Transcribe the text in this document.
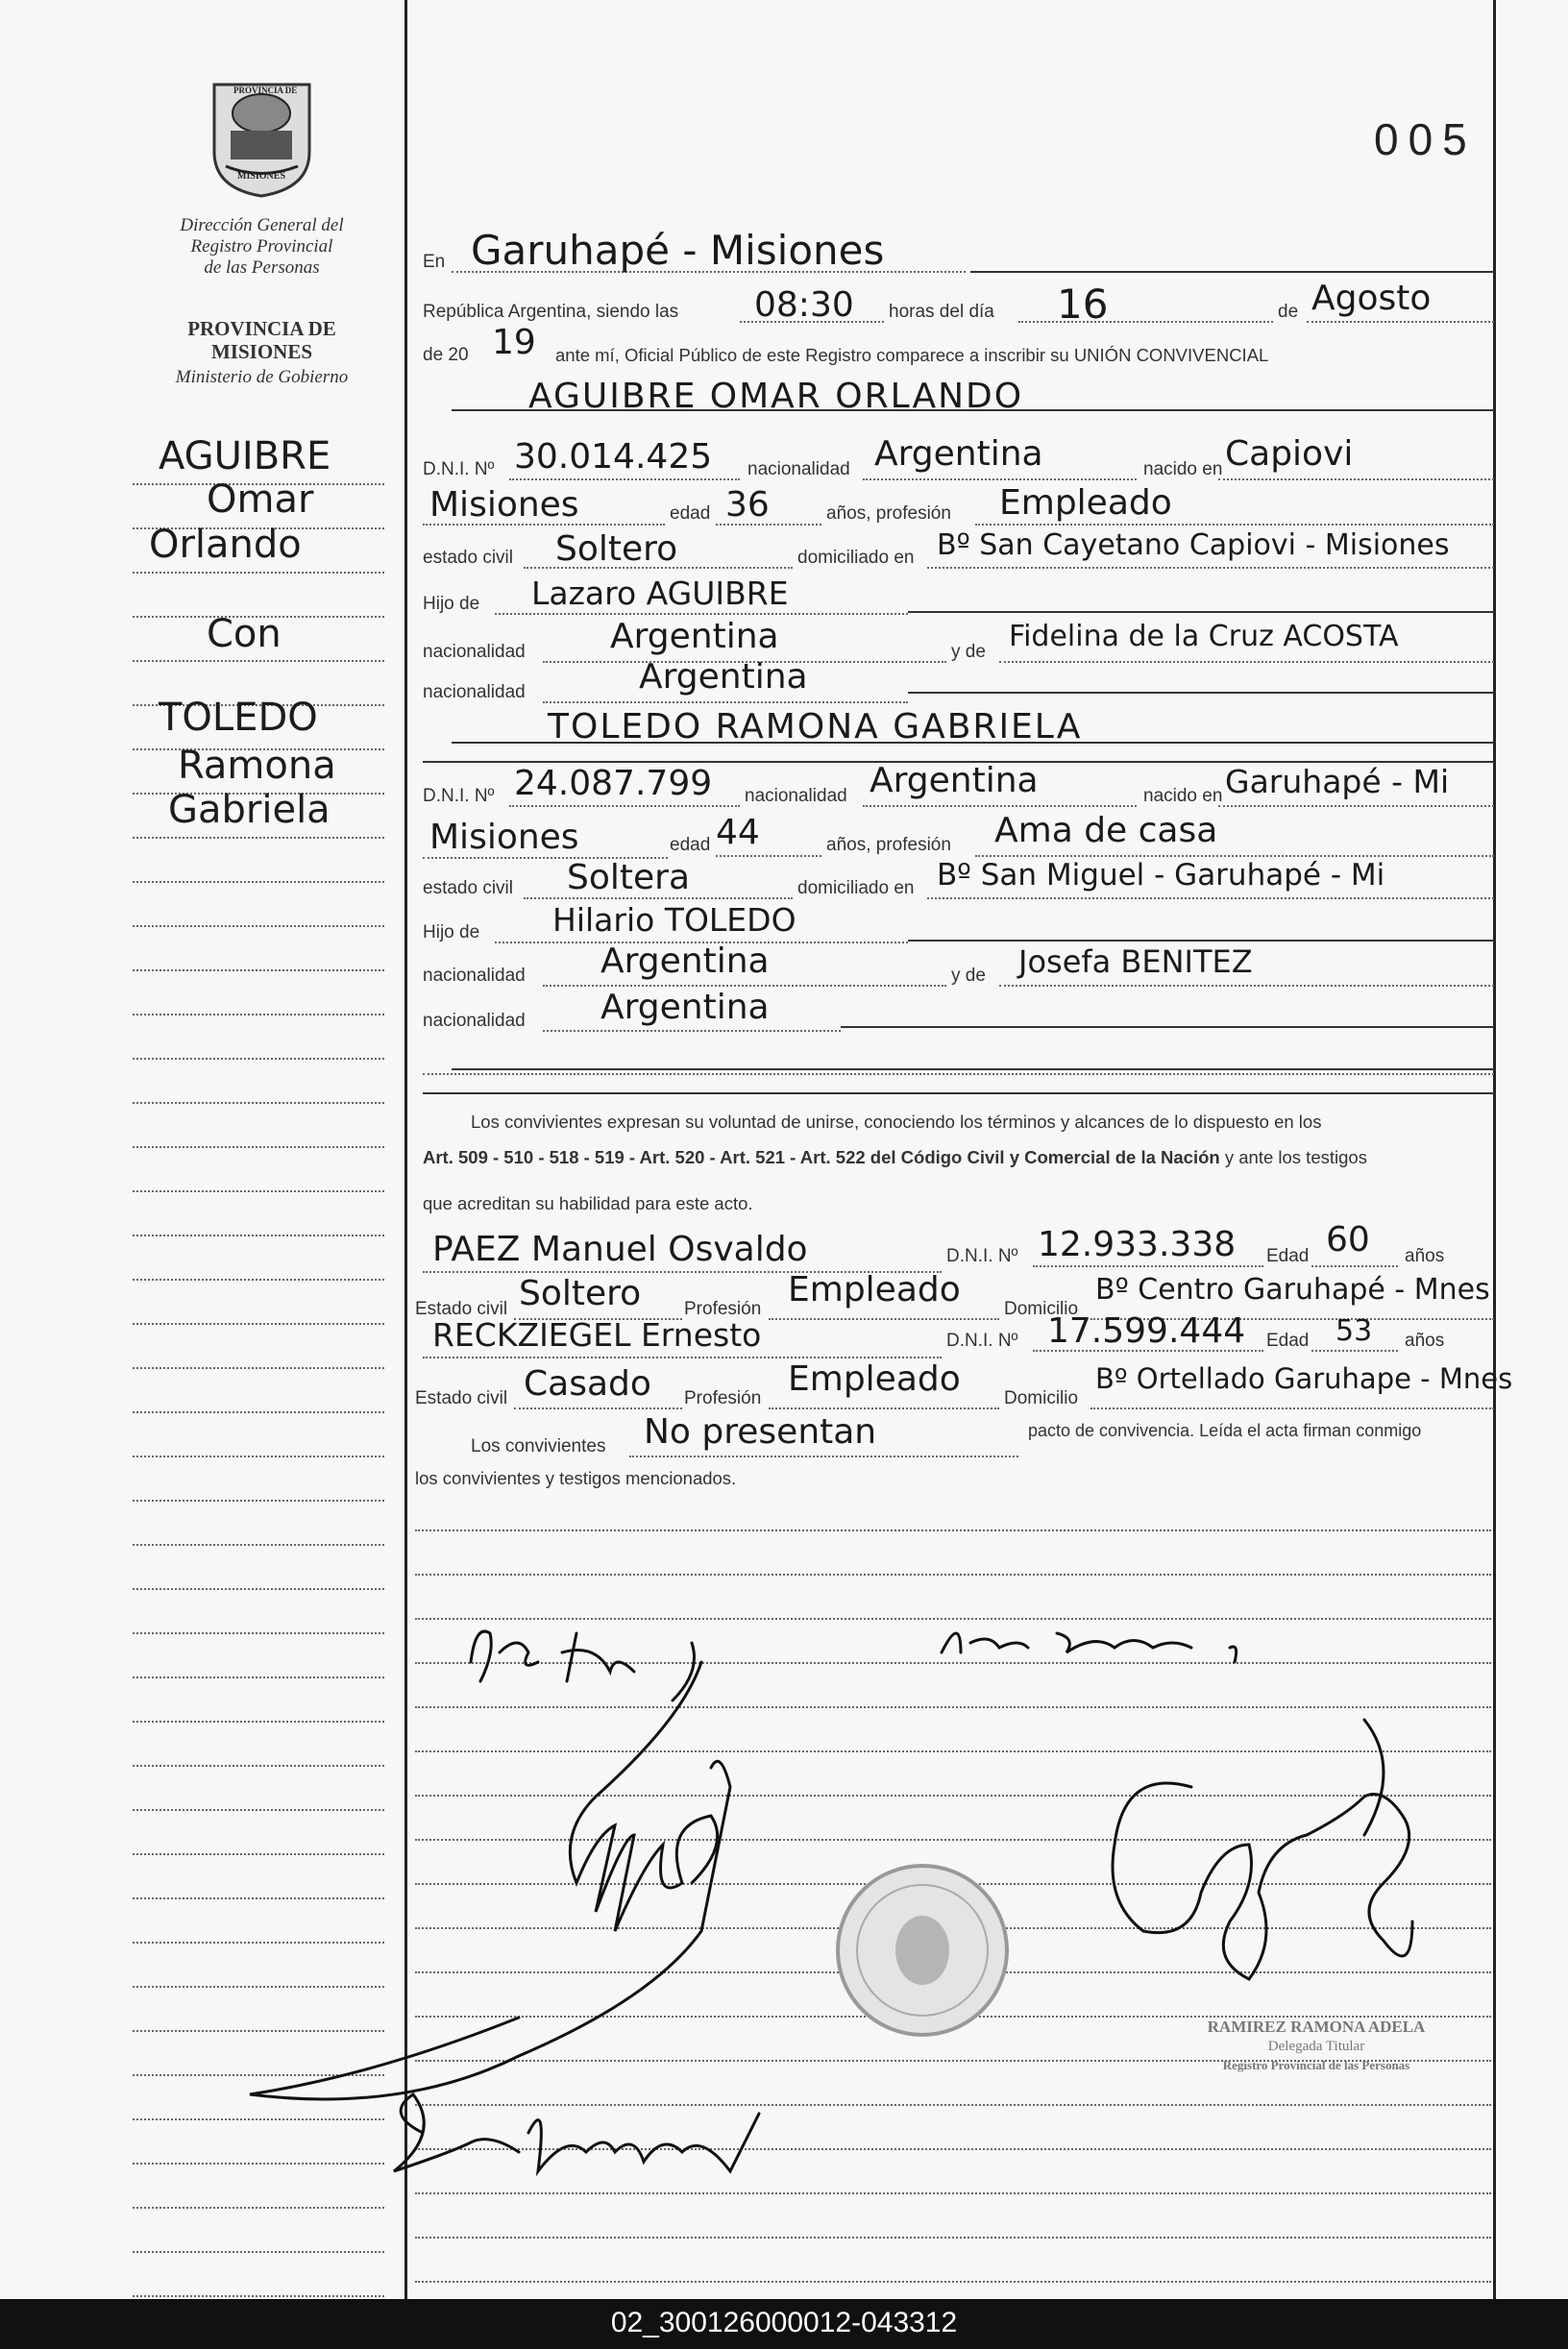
PROVINCIA DE
MISIONES
Dirección General del
Registro Provincial
de las Personas
PROVINCIA DE
MISIONES
Ministerio de Gobierno
005
AGUIBRE
Omar
Orlando
Con
TOLEDO
Ramona
Gabriela
En Garuhapé - Misiones
República Argentina, siendo las 08:30 horas del día 16	de Agosto
de 20 19 ante mí, Oficial Público de este Registro comparece a inscribir su UNIÓN CONVIVENCIAL
AGUIBRE OMAR ORLANDO
D.N.I. Nº 30.014.425 nacionalidad Argentina	nacido en Capiovi
Misiones	edad 36	años, profesión Empleado
estado civil Soltero	domiciliado en Bº San Cayetano Capiovi - Misiones
Hijo de Lazaro AGUIBRE
nacionalidad Argentina	y de Fidelina de la Cruz ACOSTA
nacionalidad	Argentina
TOLEDO RAMONA GABRIELA
D.N.I. Nº 24.087.799 nacionalidad Argentina	nacido en Garuhapé - Mi
Misiones	edad 44	años, profesión Ama de casa
estado civil Soltera	domiciliado en Bº San Miguel - Garuhapé - Mi
Hijo de Hilario TOLEDO
nacionalidad Argentina	y de Josefa BENITEZ
nacionalidad Argentina
Los convivientes expresan su voluntad de unirse, conociendo los términos y alcances de lo dispuesto en los
Art. 509 - 510 - 518 - 519 - Art. 520 - Art. 521 - Art. 522 del Código Civil y Comercial de la Nación y ante los testigos
que acreditan su habilidad para este acto.
PAEZ Manuel Osvaldo	D.N.I. Nº 12.933.338 Edad 60 años
Estado civil Soltero Profesión Empleado Domicilio
Bº Centro Garuhapé - Mnes
RECKZIEGEL Ernesto	D.N.I. Nº 17.599.444 Edad 53 años
Estado civil Casado Profesión Empleado Domicilio
Bº Ortellado Garuhape - Mnes
Los convivientes No presentan	pacto de convivencia. Leída el acta firman conmigo
los convivientes y testigos mencionados.
RAMIREZ RAMONA ADELA
Delegada Titular
Registro Provincial de las Personas
02_300126000012-043312
